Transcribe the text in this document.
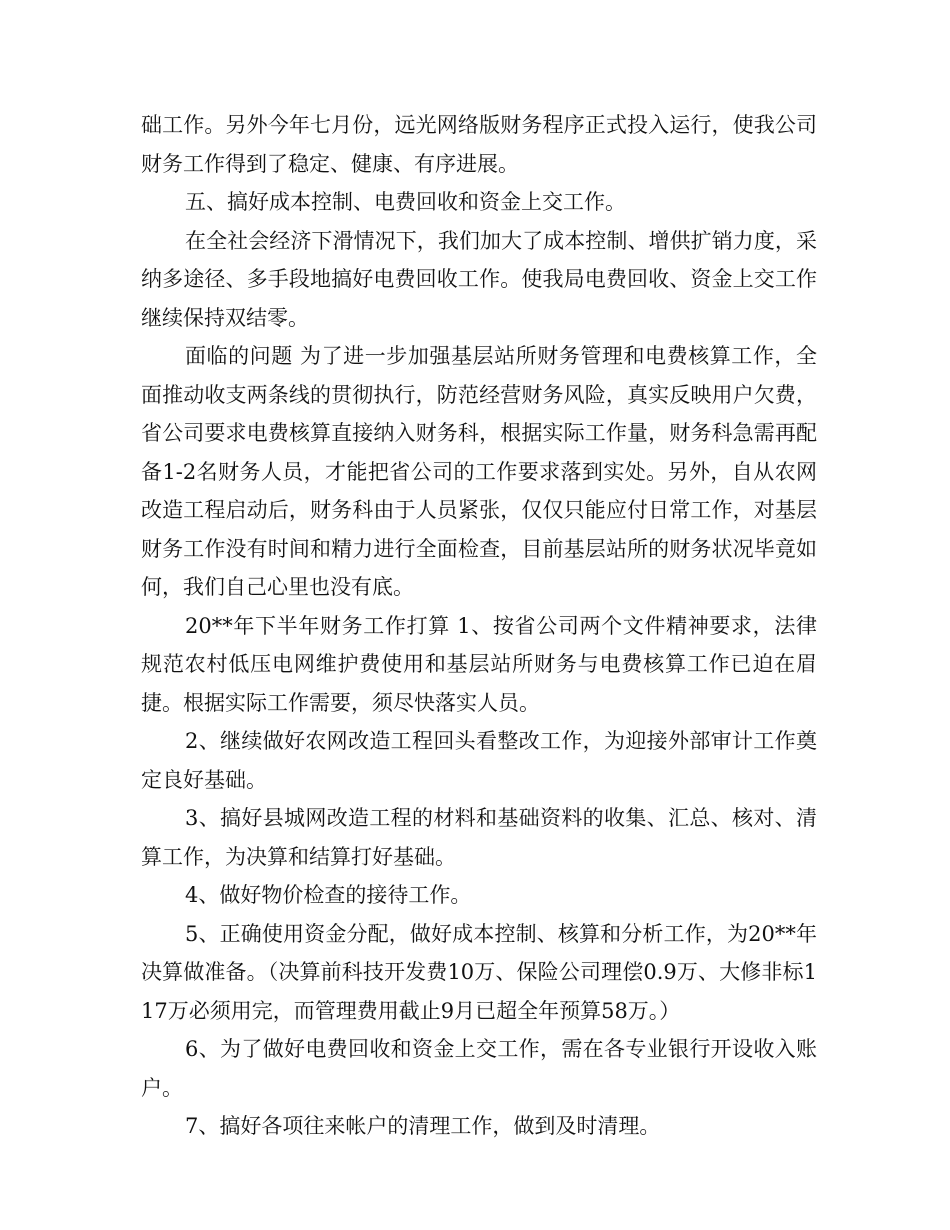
础工作。另外今年七月份，远光网络版财务程序正式投入运行，使我公司财务工作得到了稳定、健康、有序进展。

五、搞好成本控制、电费回收和资金上交工作。

在全社会经济下滑情况下，我们加大了成本控制、增供扩销力度，采纳多途径、多手段地搞好电费回收工作。使我局电费回收、资金上交工作继续保持双结零。

面临的问题 为了进一步加强基层站所财务管理和电费核算工作，全面推动收支两条线的贯彻执行，防范经营财务风险，真实反映用户欠费，省公司要求电费核算直接纳入财务科，根据实际工作量，财务科急需再配备1-2名财务人员，才能把省公司的工作要求落到实处。另外，自从农网改造工程启动后，财务科由于人员紧张，仅仅只能应付日常工作，对基层财务工作没有时间和精力进行全面检查，目前基层站所的财务状况毕竟如何，我们自己心里也没有底。

20**年下半年财务工作打算 1、按省公司两个文件精神要求，法律规范农村低压电网维护费使用和基层站所财务与电费核算工作已迫在眉捷。根据实际工作需要，须尽快落实人员。

2、继续做好农网改造工程回头看整改工作，为迎接外部审计工作奠定良好基础。

3、搞好县城网改造工程的材料和基础资料的收集、汇总、核对、清算工作，为决算和结算打好基础。

4、做好物价检查的接待工作。

5、正确使用资金分配，做好成本控制、核算和分析工作，为20**年决算做准备。（决算前科技开发费10万、保险公司理偿0.9万、大修非标117万必须用完，而管理费用截止9月已超全年预算58万。）

6、为了做好电费回收和资金上交工作，需在各专业银行开设收入账户。

7、搞好各项往来帐户的清理工作，做到及时清理。
